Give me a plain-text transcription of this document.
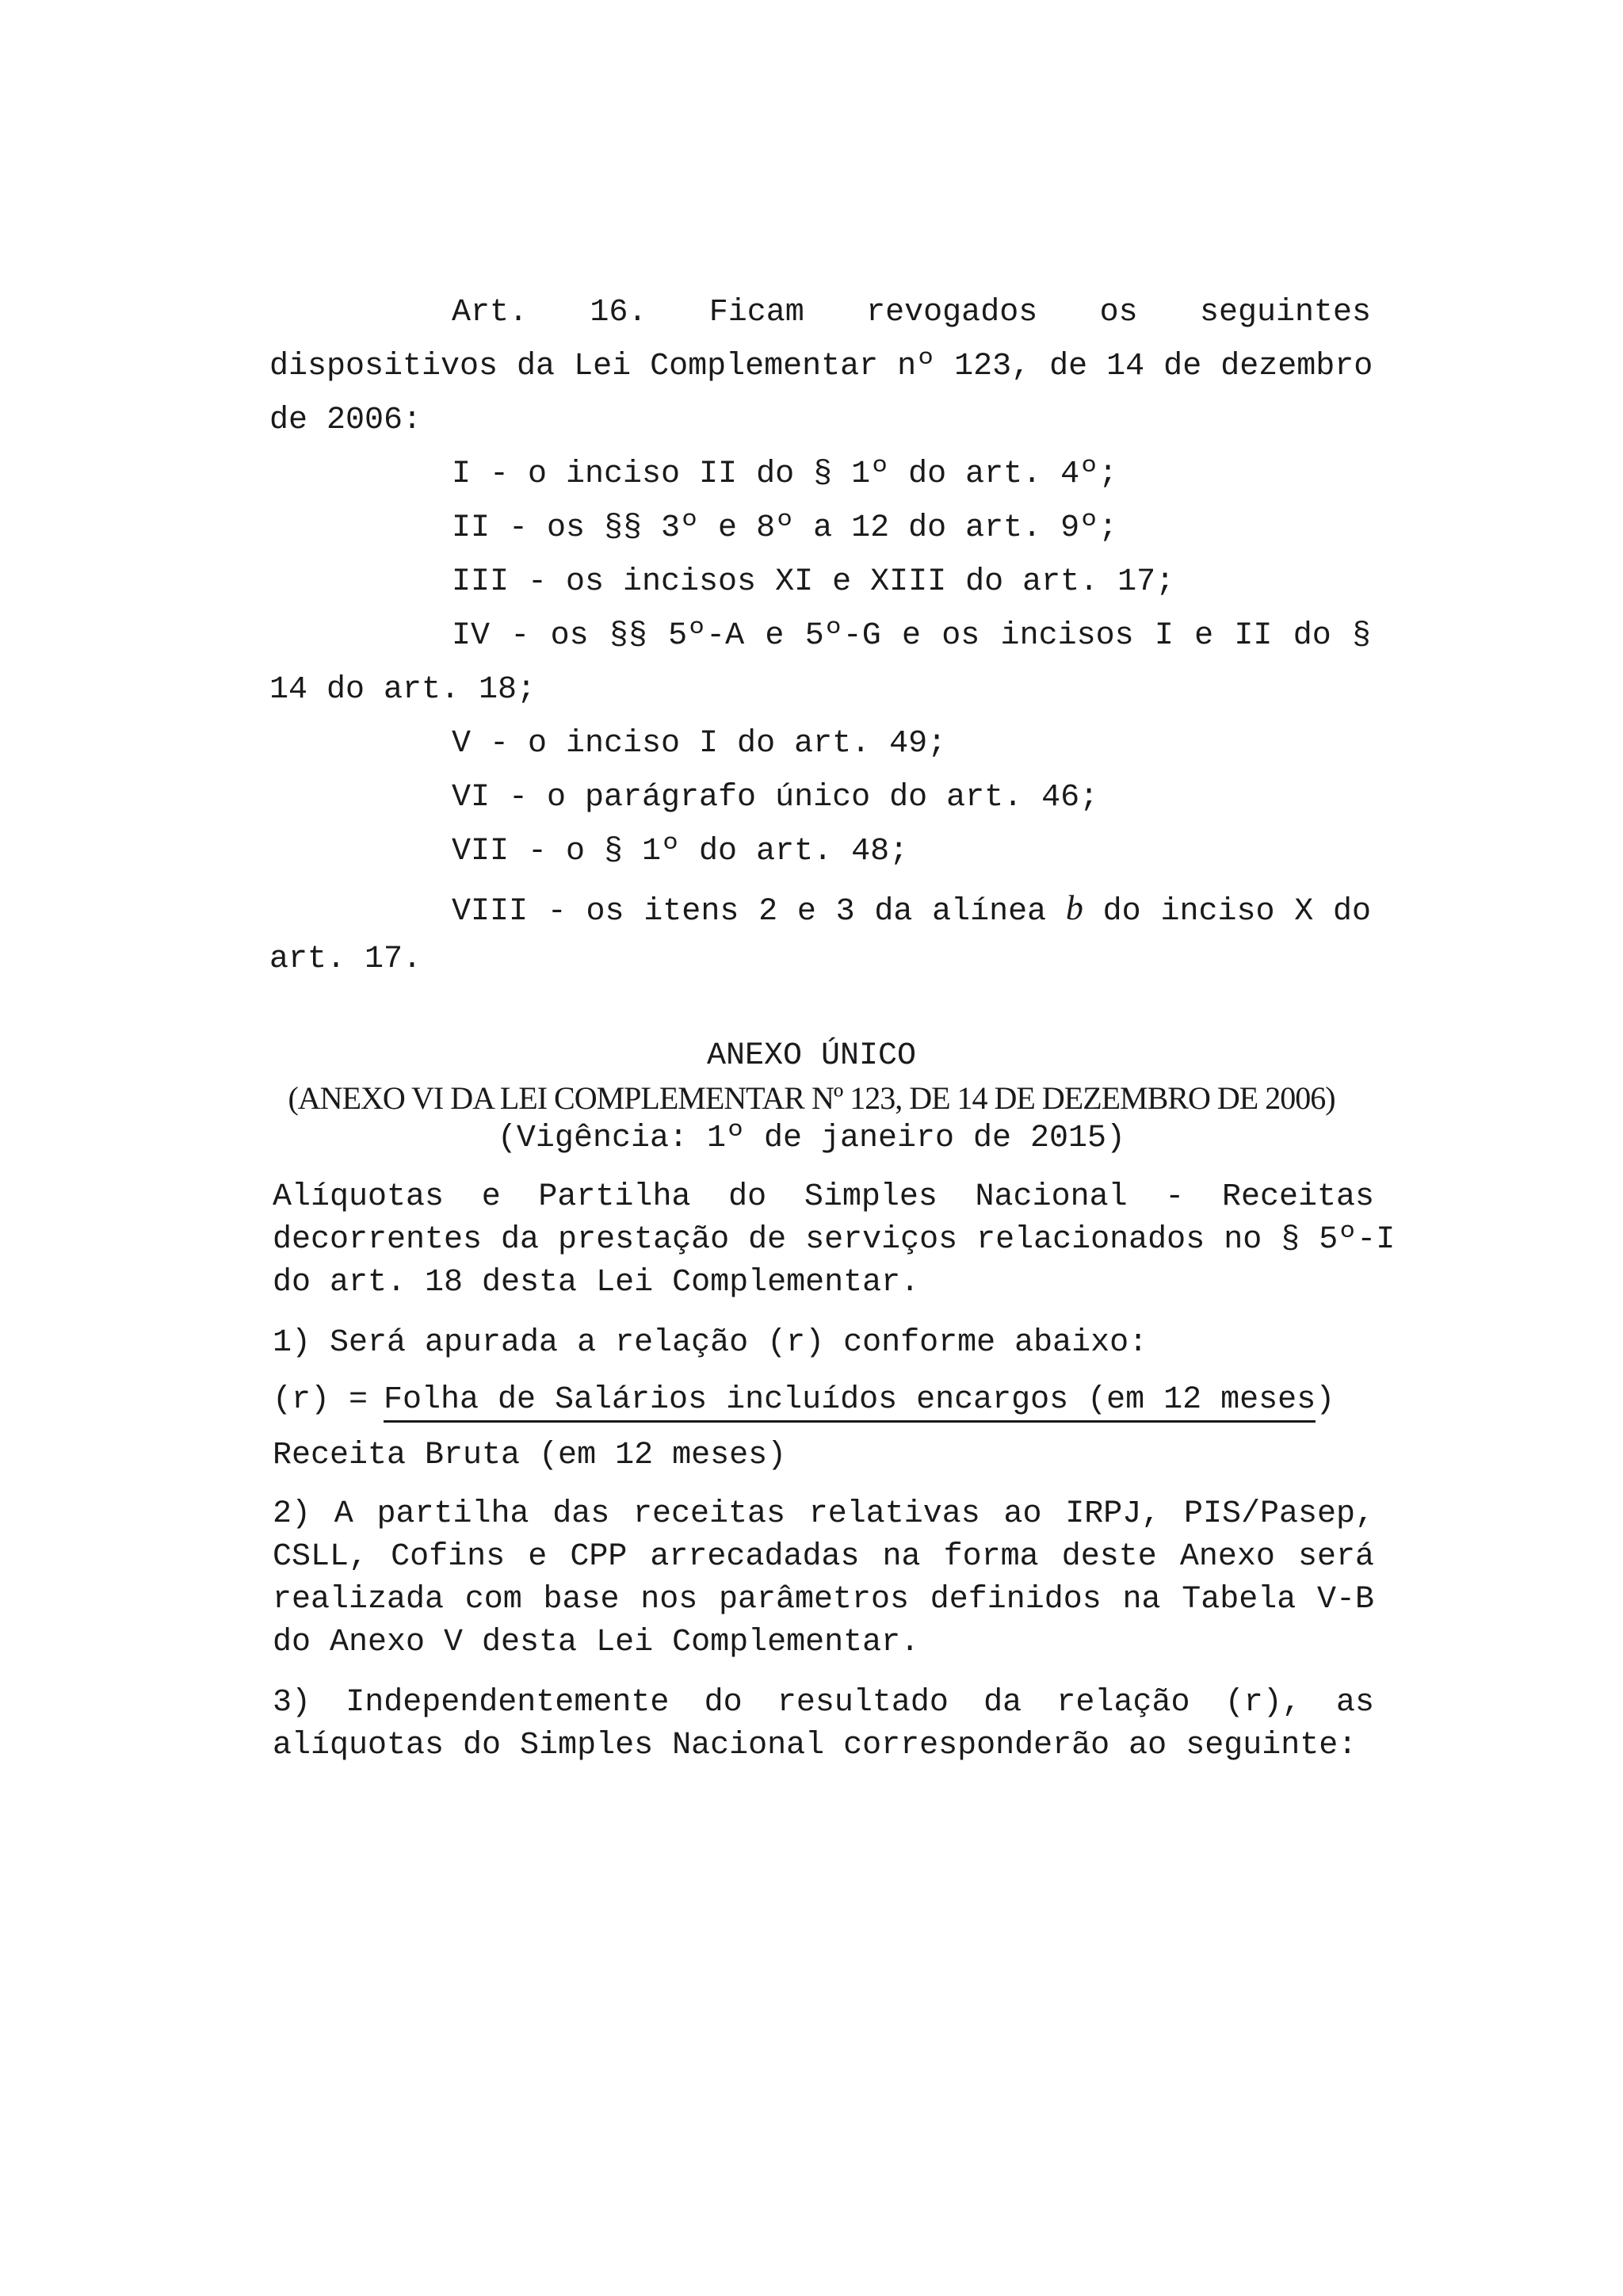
Art. 16. Ficam revogados os seguintes
dispositivos da Lei Complementar nº 123, de 14 de dezembro
de 2006:
I - o inciso II do § 1º do art. 4º;
II - os §§ 3º e 8º a 12 do art. 9º;
III - os incisos XI e XIII do art. 17;
IV - os §§ 5º-A e 5º-G e os incisos I e II do §
14 do art. 18;
V - o inciso I do art. 49;
VI - o parágrafo único do art. 46;
VII - o § 1º do art. 48;
VIII - os itens 2 e 3 da alínea b do inciso X do
art. 17.
ANEXO ÚNICO
(ANEXO VI DA LEI COMPLEMENTAR Nº 123, DE 14 DE DEZEMBRO DE 2006)
(Vigência: 1º de janeiro de 2015)
Alíquotas e Partilha do Simples Nacional - Receitas
decorrentes da prestação de serviços relacionados no § 5º-I
do art. 18 desta Lei Complementar.
1) Será apurada a relação (r) conforme abaixo:
(r) = Folha de Salários incluídos encargos (em 12 meses)
Receita Bruta (em 12 meses)
2) A partilha das receitas relativas ao IRPJ, PIS/Pasep,
CSLL, Cofins e CPP arrecadadas na forma deste Anexo será
realizada com base nos parâmetros definidos na Tabela V-B
do Anexo V desta Lei Complementar.
3) Independentemente do resultado da relação (r), as
alíquotas do Simples Nacional corresponderão ao seguinte:
